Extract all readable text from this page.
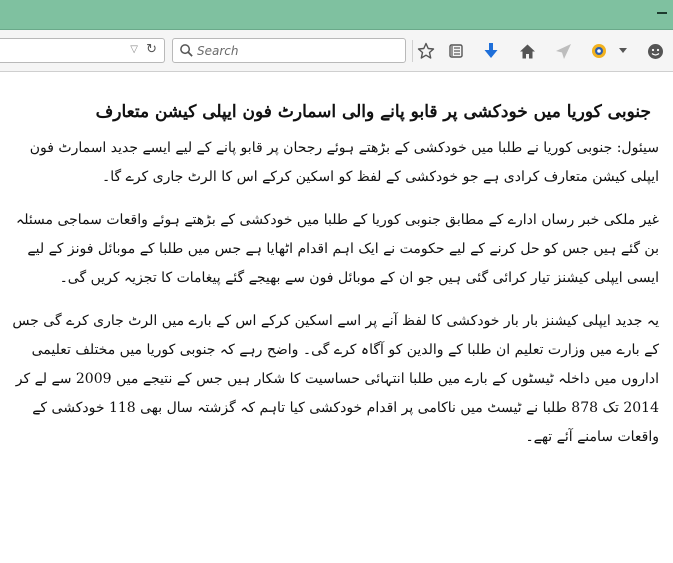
▽ ↻
Search
جنوبی کوریا میں خودکشی پر قابو پانے والی اسمارٹ فون ایپلی کیشن متعارف

سیئول: جنوبی کوریا نے طلبا میں خودکشی کے بڑھتے ہوئے رجحان پر قابو پانے کے لیے ایسے جدید اسمارٹ فون ایپلی کیشن متعارف کرادی ہے جو خودکشی کے لفظ کو اسکین کرکے اس کا الرٹ جاری کرے گا۔

غیر ملکی خبر رساں ادارے کے مطابق جنوبی کوریا کے طلبا میں خودکشی کے بڑھتے ہوئے واقعات سماجی مسئلہ بن گئے ہیں جس کو حل کرنے کے لیے حکومت نے ایک اہم اقدام اٹھایا ہے جس میں طلبا کے موبائل فونز کے لیے ایسی ایپلی کیشنز تیار کرائی گئی ہیں جو ان کے موبائل فون سے بھیجے گئے پیغامات کا تجزیہ کریں گی۔

یہ جدید ایپلی کیشنز بار بار خودکشی کا لفظ آنے پر اسے اسکین کرکے اس کے بارے میں الرٹ جاری کرے گی جس کے بارے میں وزارت تعلیم ان طلبا کے والدین کو آگاہ کرے گی۔ واضح رہے کہ جنوبی کوریا میں مختلف تعلیمی اداروں میں داخلہ ٹیسٹوں کے بارے میں طلبا انتہائی حساسیت کا شکار ہیں جس کے نتیجے میں 2009 سے لے کر 2014 تک 878 طلبا نے ٹیسٹ میں ناکامی پر اقدام خودکشی کیا تاہم کہ گزشتہ سال بھی 118 خودکشی کے واقعات سامنے آئے تھے۔
